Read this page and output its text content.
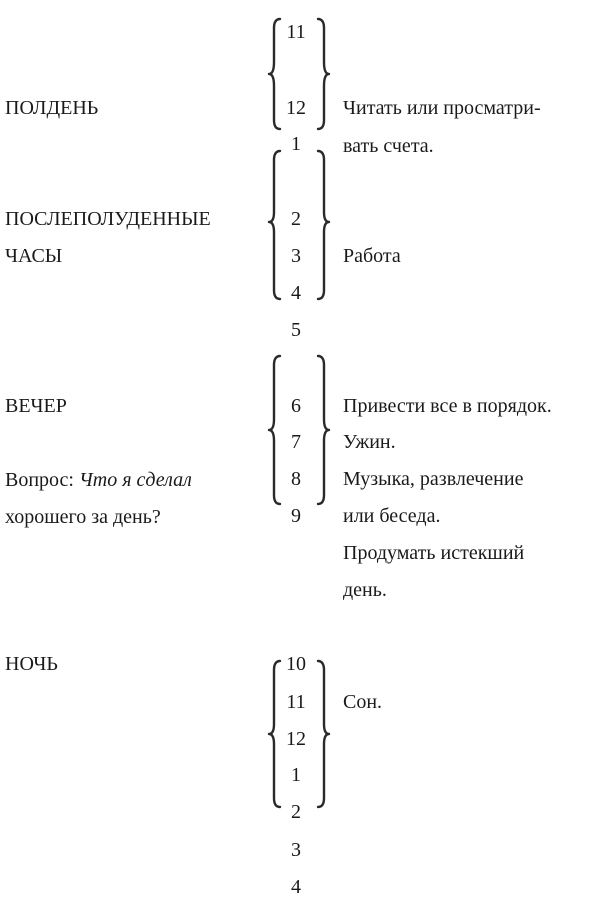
ПОЛДЕНЬ
11
12
1
Читать или просматри-
вать счета.
ПОСЛЕПОЛУДЕННЫЕ
ЧАСЫ
2
3
4
5
Работа
ВЕЧЕР
Вопрос: Что я сделал
хорошего за день?
6
7
8
9
Привести все в порядок.
Ужин.
Музыка, развлечение
или беседа.
Продумать истекший
день.
НОЧЬ	10
11
12
1
2
3
4
Сон.
